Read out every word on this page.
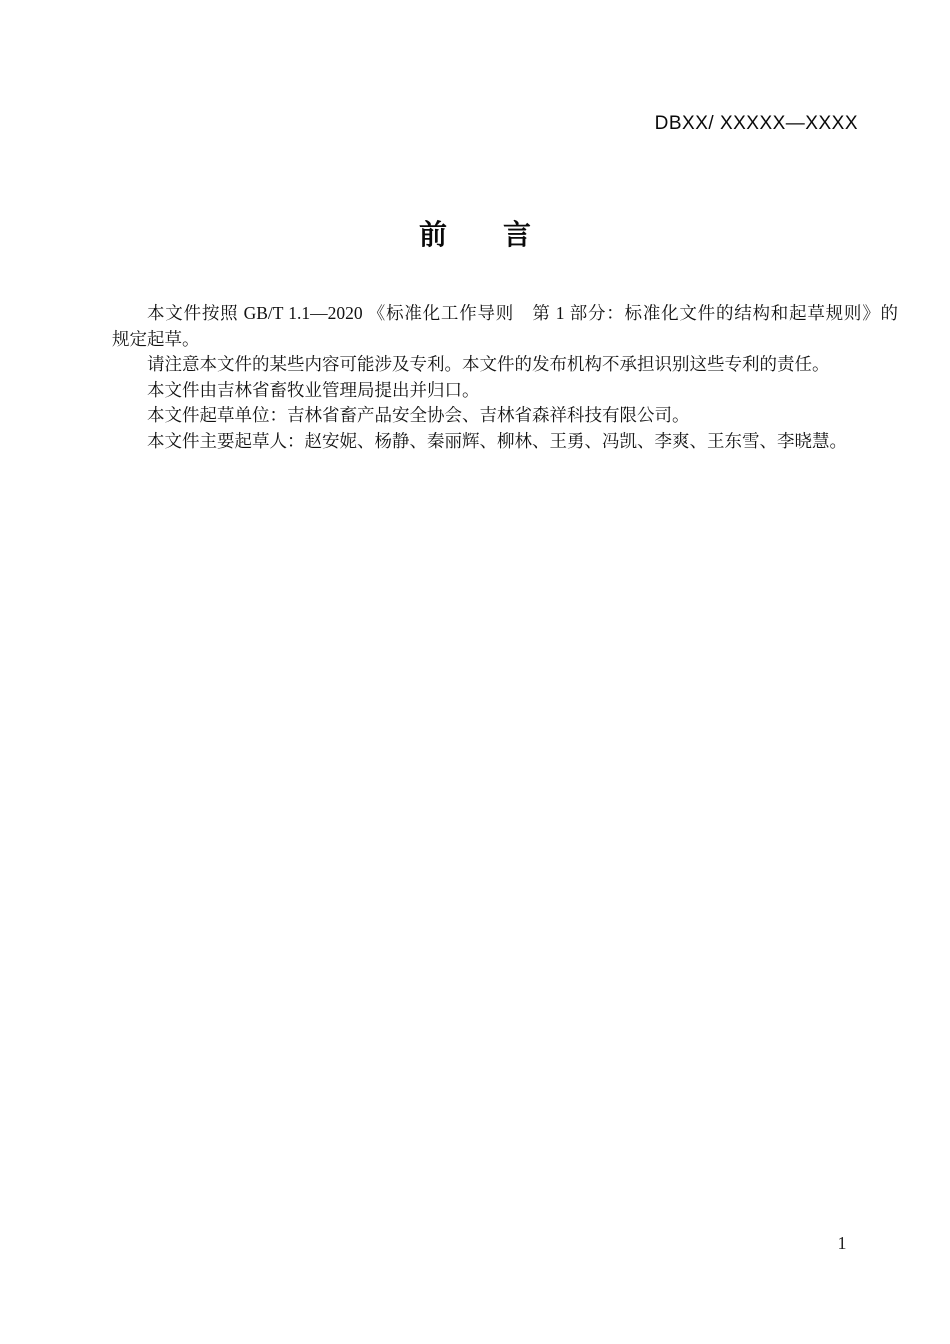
DBXX/ XXXXX—XXXX
前　　言
本文件按照 GB/T 1.1—2020 《标准化工作导则　第 1 部分：标准化文件的结构和起草规则》的
规定起草。
请注意本文件的某些内容可能涉及专利。本文件的发布机构不承担识别这些专利的责任。
本文件由吉林省畜牧业管理局提出并归口。
本文件起草单位：吉林省畜产品安全协会、吉林省森祥科技有限公司。
本文件主要起草人：赵安妮、杨静、秦丽辉、柳林、王勇、冯凯、李爽、王东雪、李晓慧。
1
